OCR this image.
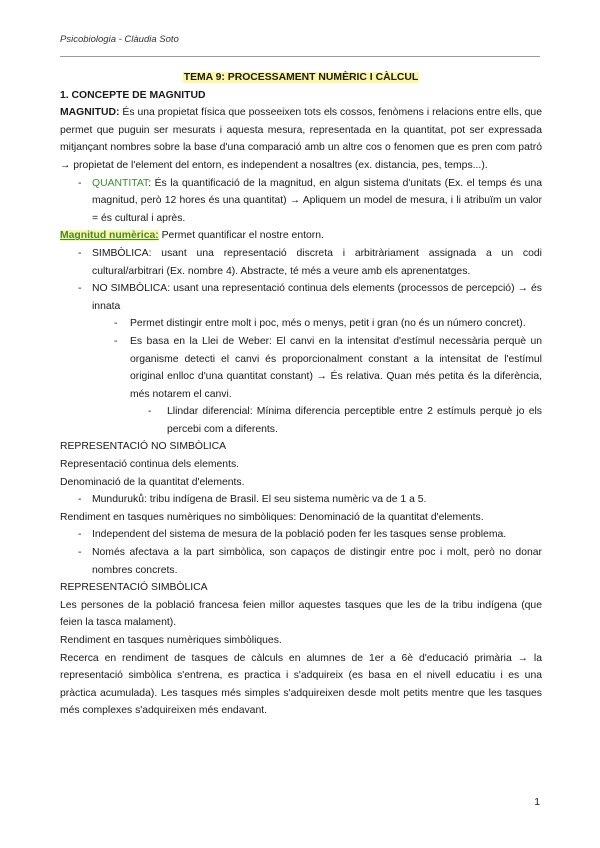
Psicobiologia - Clàudia Soto

TEMA 9: PROCESSAMENT NUMÈRIC I CÀLCUL

1. CONCEPTE DE MAGNITUD

MAGNITUD: És una propietat física que posseeixen tots els cossos, fenòmens i relacions entre ells, que permet que puguin ser mesurats i aquesta mesura, representada en la quantitat, pot ser expressada mitjançant nombres sobre la base d'una comparació amb un altre cos o fenomen que es pren com patró → propietat de l'element del entorn, es independent a nosaltres (ex. distancia, pes, temps...).

- QUANTITAT: És la quantificació de la magnitud, en algun sistema d'unitats (Ex. el temps és una magnitud, però 12 hores és una quantitat) → Apliquem un model de mesura, i li atribuïm un valor = és cultural i après.

Magnitud numèrica: Permet quantificar el nostre entorn.

- SIMBÒLICA: usant una representació discreta i arbitràriament assignada a un codi cultural/arbitrari (Ex. nombre 4). Abstracte, té més a veure amb els aprenentatges.
- NO SIMBÒLICA: usant una representació continua dels elements (processos de percepció) → és innata
- Permet distingir entre molt i poc, més o menys, petit i gran (no és un número concret).
- Es basa en la Llei de Weber: El canvi en la intensitat d'estímul necessària perquè un organisme detecti el canvi és proporcionalment constant a la intensitat de l'estímul original enlloc d'una quantitat constant) → És relativa. Quan més petita és la diferència, més notarem el canvi.
- Llindar diferencial: Mínima diferencia perceptible entre 2 estímuls perquè jo els percebi com a diferents.

REPRESENTACIÓ NO SIMBÒLICA

Representació continua dels elements.

Denominació de la quantitat d'elements.

- Munduruků: tribu indígena de Brasil. El seu sistema numèric va de 1 a 5.

Rendiment en tasques numèriques no simbòliques: Denominació de la quantitat d'elements.

- Independent del sistema de mesura de la població poden fer les tasques sense problema.
- Només afectava a la part simbòlica, son capaços de distingir entre poc i molt, però no donar nombres concrets.

REPRESENTACIÓ SIMBÒLICA

Les persones de la població francesa feien millor aquestes tasques que les de la tribu indígena (que feien la tasca malament).

Rendiment en tasques numèriques simbòliques.

Recerca en rendiment de tasques de càlculs en alumnes de 1er a 6è d'educació primària → la representació simbòlica s'entrena, es practica i s'adquireix (es basa en el nivell educatiu i es una pràctica acumulada). Les tasques més simples s'adquireixen desde molt petits mentre que les tasques més complexes s'adquireixen més endavant.

1
